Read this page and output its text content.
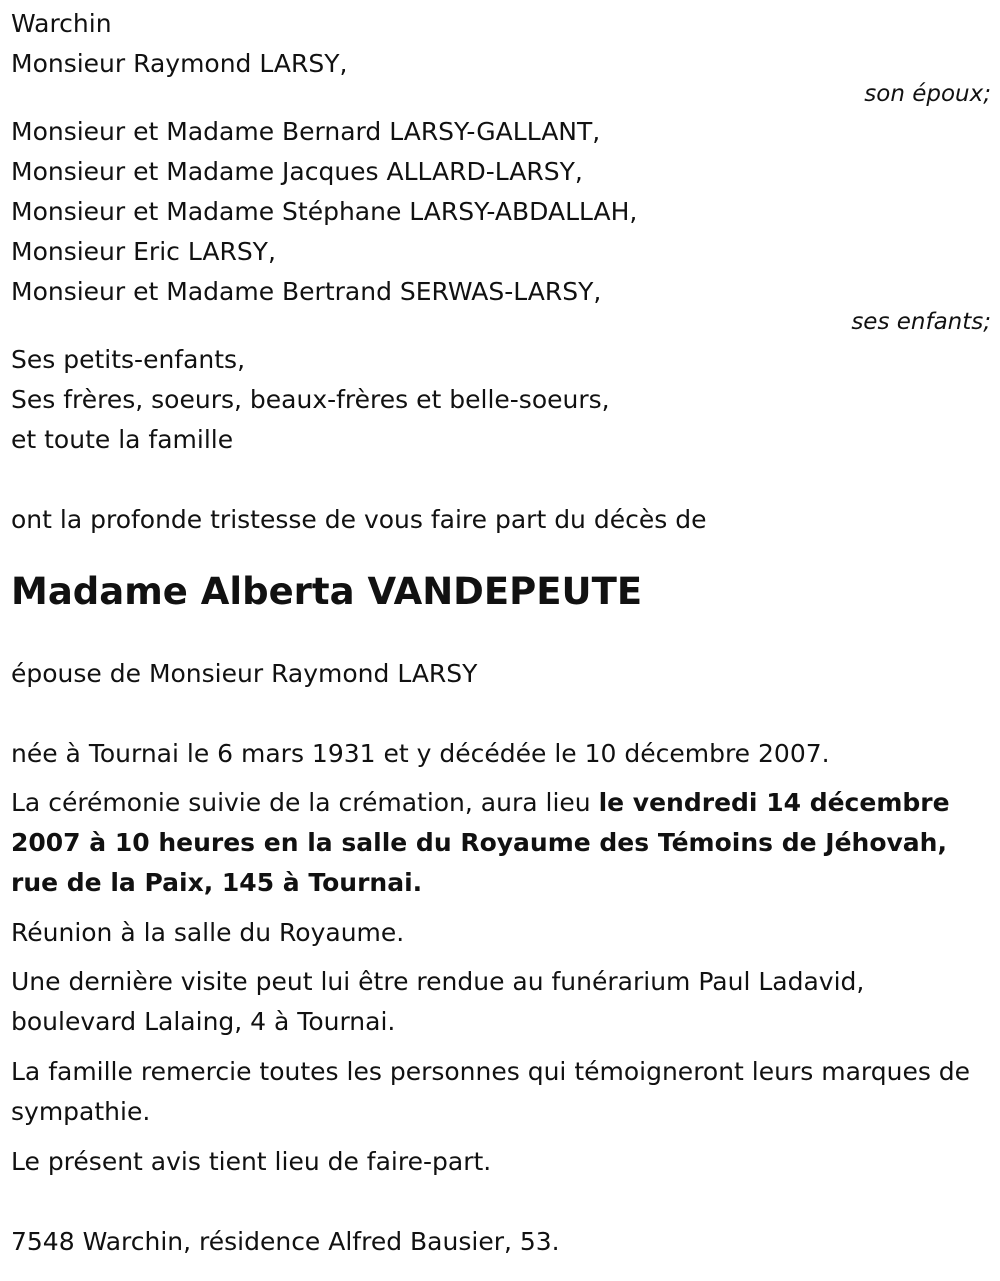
Warchin
Monsieur Raymond LARSY,
son époux;
Monsieur et Madame Bernard LARSY-GALLANT,
Monsieur et Madame Jacques ALLARD-LARSY,
Monsieur et Madame Stéphane LARSY-ABDALLAH,
Monsieur Eric LARSY,
Monsieur et Madame Bertrand SERWAS-LARSY,
ses enfants;
Ses petits-enfants,
Ses frères, soeurs, beaux-frères et belle-soeurs,
et toute la famille
ont la profonde tristesse de vous faire part du décès de
Madame Alberta VANDEPEUTE
épouse de Monsieur Raymond LARSY
née à Tournai le 6 mars 1931 et y décédée le 10 décembre 2007.
La cérémonie suivie de la crémation, aura lieu le vendredi 14 décembre 2007 à 10 heures en la salle du Royaume des Témoins de Jéhovah, rue de la Paix, 145 à Tournai.
Réunion à la salle du Royaume.
Une dernière visite peut lui être rendue au funérarium Paul Ladavid, boulevard Lalaing, 4 à Tournai.
La famille remercie toutes les personnes qui témoigneront leurs marques de sympathie.
Le présent avis tient lieu de faire-part.
7548 Warchin, résidence Alfred Bausier, 53.
